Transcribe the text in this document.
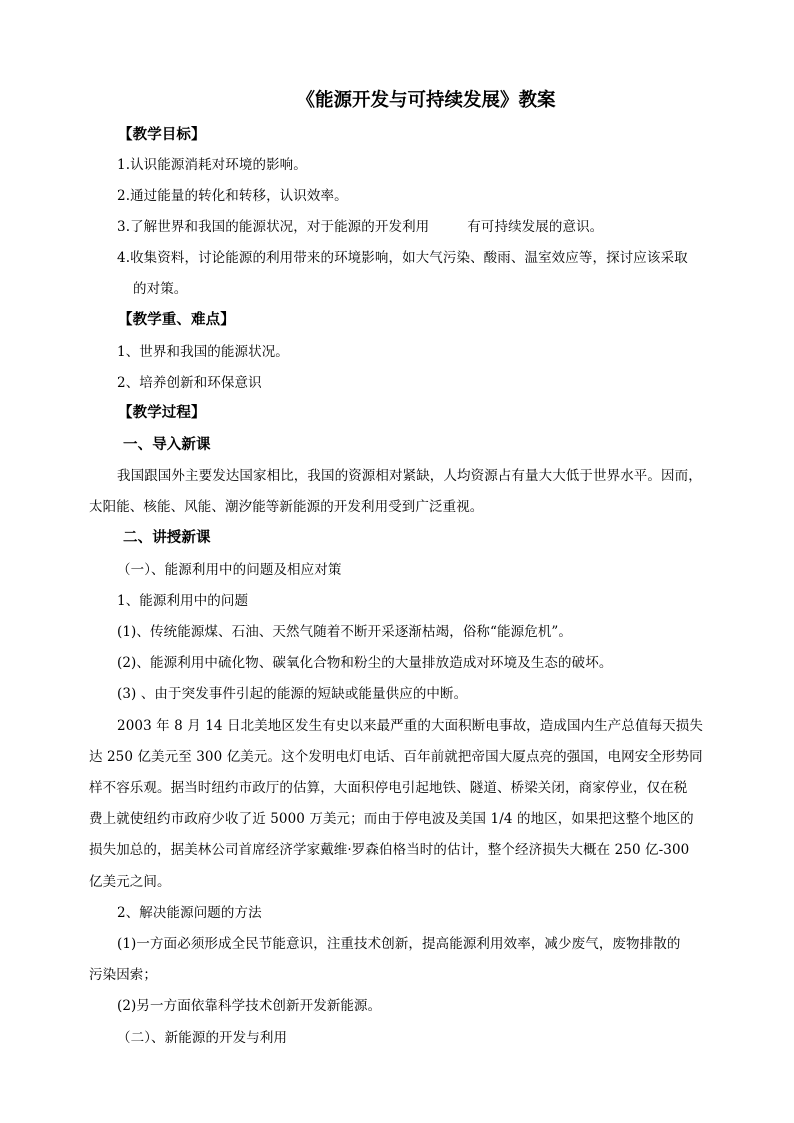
《能源开发与可持续发展》教案
【教学目标】
1.认识能源消耗对环境的影响。
2.通过能量的转化和转移，认识效率。
3.了解世界和我国的能源状况，对于能源的开发利用	有可持续发展的意识。
4.收集资料，讨论能源的利用带来的环境影响，如大气污染、酸雨、温室效应等，探讨应该采取
的对策。
【教学重、难点】
1、世界和我国的能源状况。
2、培养创新和环保意识
【教学过程】
一、导入新课
我国跟国外主要发达国家相比，我国的资源相对紧缺，人均资源占有量大大低于世界水平。因而，
太阳能、核能、风能、潮汐能等新能源的开发利用受到广泛重视。
二、讲授新课
（一）、能源利用中的问题及相应对策
1、能源利用中的问题
(1)、传统能源煤、石油、天然气随着不断开采逐渐枯竭，俗称“能源危机”。
(2)、能源利用中硫化物、碳氧化合物和粉尘的大量排放造成对环境及生态的破坏。
(3) 、由于突发事件引起的能源的短缺或能量供应的中断。
2003 年 8 月 14 日北美地区发生有史以来最严重的大面积断电事故，造成国内生产总值每天损失
达 250 亿美元至 300 亿美元。这个发明电灯电话、百年前就把帝国大厦点亮的强国，电网安全形势同
样不容乐观。据当时纽约市政厅的估算，大面积停电引起地铁、隧道、桥梁关闭，商家停业，仅在税
费上就使纽约市政府少收了近 5000 万美元；而由于停电波及美国 1/4 的地区，如果把这整个地区的
损失加总的，据美林公司首席经济学家戴维·罗森伯格当时的估计，整个经济损失大概在 250 亿-300
亿美元之间。
2、解决能源问题的方法
(1)一方面必须形成全民节能意识，注重技术创新，提高能源利用效率，减少废气，废物排散的
污染因索；
(2)另一方面依靠科学技术创新开发新能源。
（二）、新能源的开发与利用
